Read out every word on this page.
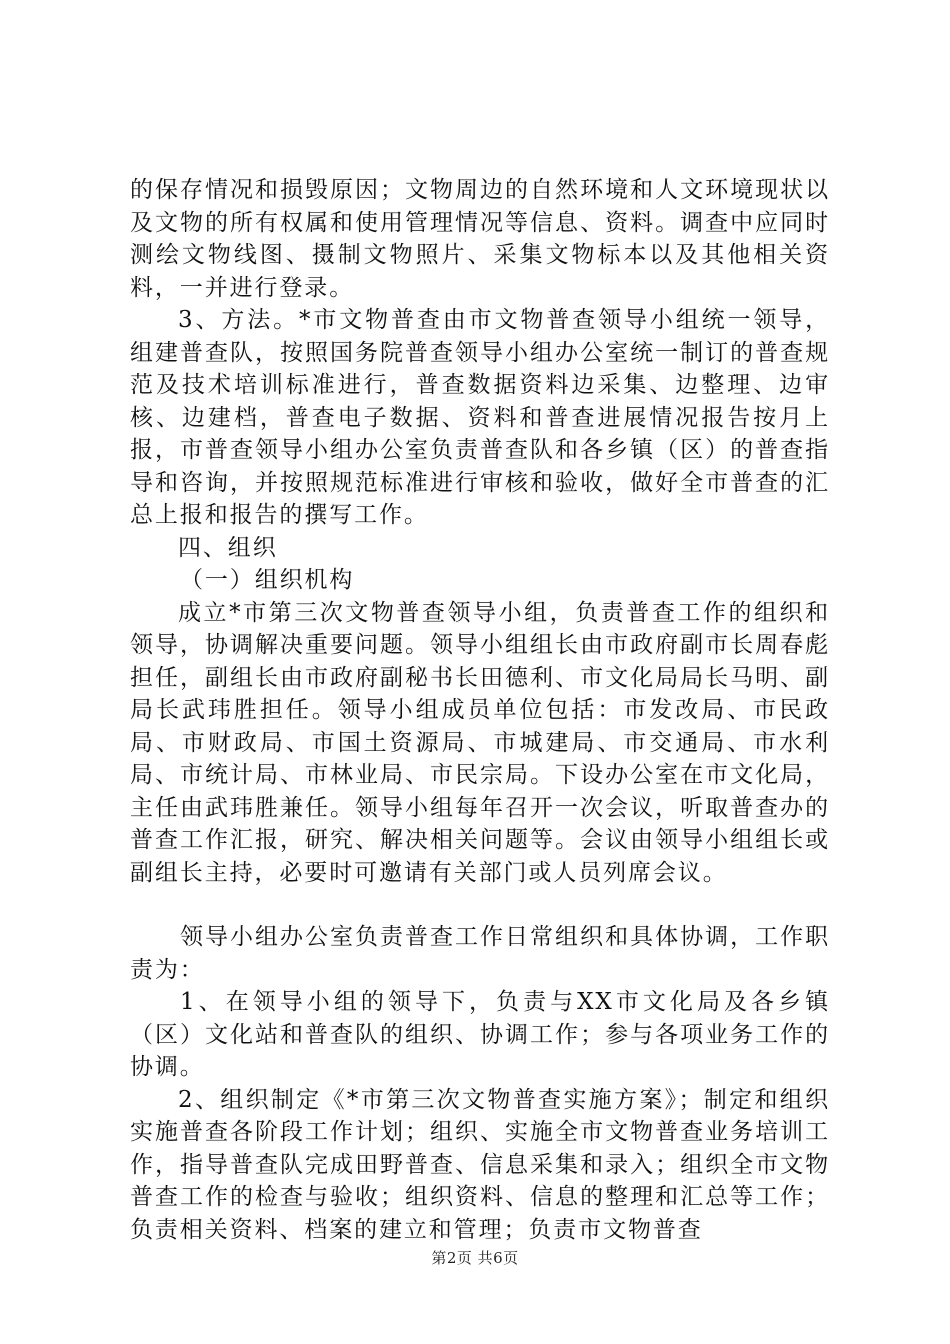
的保存情况和损毁原因；文物周边的自然环境和人文环境现状以及文物的所有权属和使用管理情况等信息、资料。调查中应同时测绘文物线图、摄制文物照片、采集文物标本以及其他相关资料，一并进行登录。

3、方法。*市文物普查由市文物普查领导小组统一领导，组建普查队，按照国务院普查领导小组办公室统一制订的普查规范及技术培训标准进行，普查数据资料边采集、边整理、边审核、边建档，普查电子数据、资料和普查进展情况报告按月上报，市普查领导小组办公室负责普查队和各乡镇（区）的普查指导和咨询，并按照规范标准进行审核和验收，做好全市普查的汇总上报和报告的撰写工作。

四、组织

（一）组织机构

成立*市第三次文物普查领导小组，负责普查工作的组织和领导，协调解决重要问题。领导小组组长由市政府副市长周春彪担任，副组长由市政府副秘书长田德利、市文化局局长马明、副局长武玮胜担任。领导小组成员单位包括：市发改局、市民政局、市财政局、市国土资源局、市城建局、市交通局、市水利局、市统计局、市林业局、市民宗局。下设办公室在市文化局，主任由武玮胜兼任。领导小组每年召开一次会议，听取普查办的普查工作汇报，研究、解决相关问题等。会议由领导小组组长或副组长主持，必要时可邀请有关部门或人员列席会议。

领导小组办公室负责普查工作日常组织和具体协调，工作职责为：

1、在领导小组的领导下，负责与XX市文化局及各乡镇（区）文化站和普查队的组织、协调工作；参与各项业务工作的协调。

2、组织制定《*市第三次文物普查实施方案》；制定和组织实施普查各阶段工作计划；组织、实施全市文物普查业务培训工作，指导普查队完成田野普查、信息采集和录入；组织全市文物普查工作的检查与验收；组织资料、信息的整理和汇总等工作；负责相关资料、档案的建立和管理；负责市文物普查

第2页 共6页
